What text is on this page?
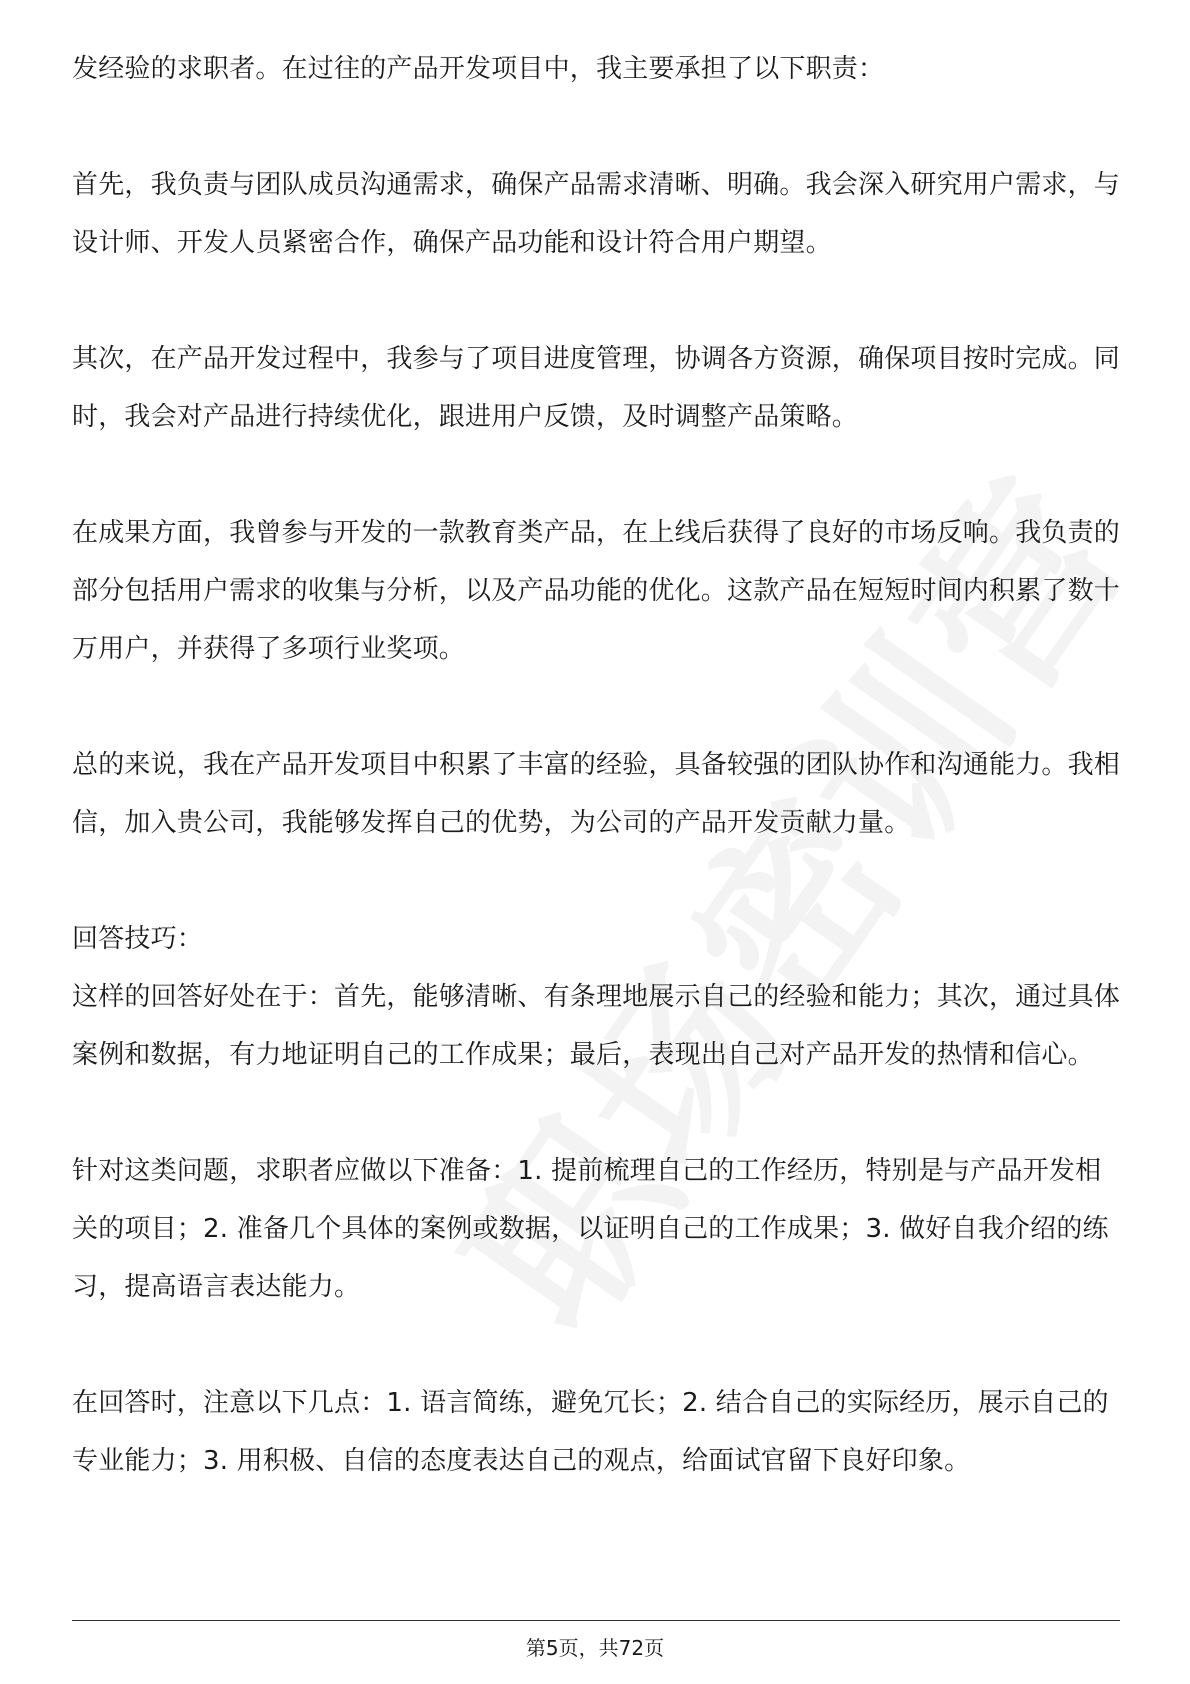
发经验的求职者。在过往的产品开发项目中，我主要承担了以下职责：

首先，我负责与团队成员沟通需求，确保产品需求清晰、明确。我会深入研究用户需求，与设计师、开发人员紧密合作，确保产品功能和设计符合用户期望。

其次，在产品开发过程中，我参与了项目进度管理，协调各方资源，确保项目按时完成。同时，我会对产品进行持续优化，跟进用户反馈，及时调整产品策略。

在成果方面，我曾参与开发的一款教育类产品，在上线后获得了良好的市场反响。我负责的部分包括用户需求的收集与分析，以及产品功能的优化。这款产品在短短时间内积累了数十万用户，并获得了多项行业奖项。

总的来说，我在产品开发项目中积累了丰富的经验，具备较强的团队协作和沟通能力。我相信，加入贵公司，我能够发挥自己的优势，为公司的产品开发贡献力量。

回答技巧：

这样的回答好处在于：首先，能够清晰、有条理地展示自己的经验和能力；其次，通过具体案例和数据，有力地证明自己的工作成果；最后，表现出自己对产品开发的热情和信心。

针对这类问题，求职者应做以下准备：1. 提前梳理自己的工作经历，特别是与产品开发相关的项目；2. 准备几个具体的案例或数据，以证明自己的工作成果；3. 做好自我介绍的练习，提高语言表达能力。

在回答时，注意以下几点：1. 语言简练，避免冗长；2. 结合自己的实际经历，展示自己的专业能力；3. 用积极、自信的态度表达自己的观点，给面试官留下良好印象。

第5页，共72页
